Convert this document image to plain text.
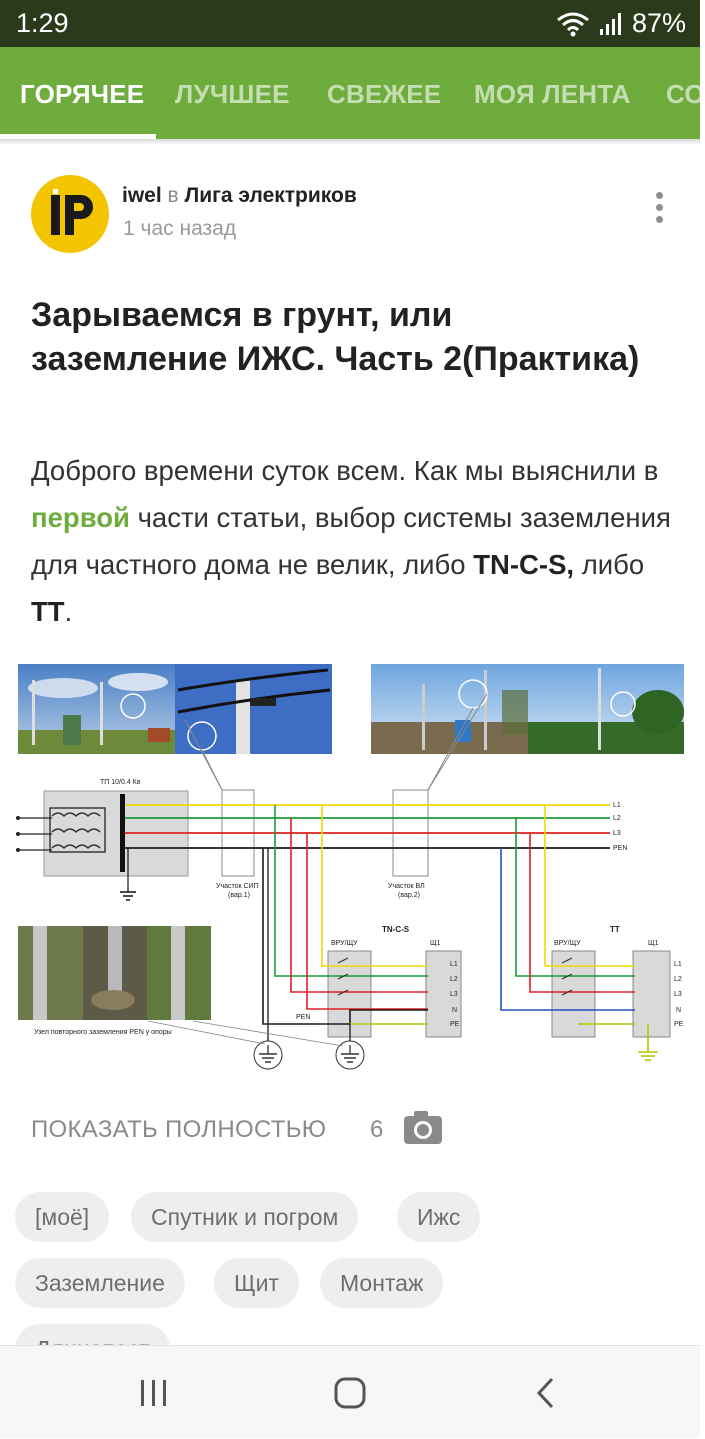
1:29	87%
ГОРЯЧЕЕ ЛУЧШЕЕ СВЕЖЕЕ МОЯ ЛЕНТА СО
iwel в Лига электриков
1 час назад
Зарываемся в грунт, или заземление ИЖС. Часть 2(Практика)
Доброго времени суток всем. Как мы выяснили в первой части статьи, выбор системы заземления для частного дома не велик, либо TN-C-S, либо TT.
ТП 10/0.4 Кв
Участок СИП
(вар.1)
Участок ВЛ
(вар.2)
L1
L2
L3
PEN
TN-C-S
ВРУ/ЩУ	Щ1
PEN
L1
L2
L3
N
PE
TT
ВРУ/ЩУ	Щ1
L1
L2
L3
N
PE
Узел повторного заземления PEN у опоры
ПОКАЗАТЬ ПОЛНОСТЬЮ 6
[моё]	Спутник и погром	Ижс
Заземление	Щит	Монтаж
